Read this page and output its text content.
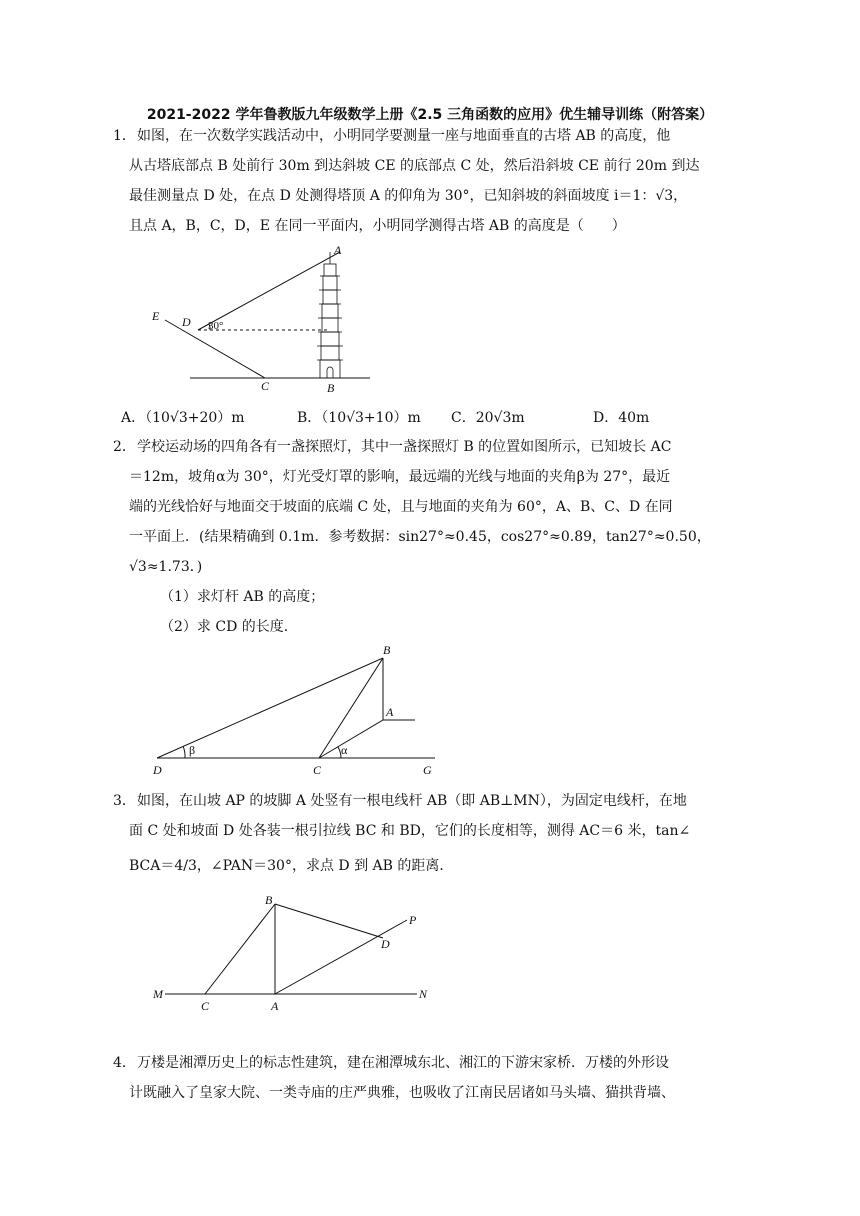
2021-2022 学年鲁教版九年级数学上册《2.5 三角函数的应用》优生辅导训练（附答案）
1． 如图，在一次数学实践活动中，小明同学要测量一座与地面垂直的古塔 AB 的高度，他
从古塔底部点 B 处前行 30m 到达斜坡 CE 的底部点 C 处，然后沿斜坡 CE 前行 20m 到达
最佳测量点 D 处，在点 D 处测得塔顶 A 的仰角为 30°，已知斜坡的斜面坡度 i＝1：√3，
且点 A，B，C，D，E 在同一平面内，小明同学测得古塔 AB 的高度是（　　）
A
E D 30°
C	B
A．（10√3+20）m	B．（10√3+10）m C．20√3m	D．40m
2． 学校运动场的四角各有一盏探照灯，其中一盏探照灯 B 的位置如图所示，已知坡长 AC
＝12m，坡角α为 30°，灯光受灯罩的影响，最远端的光线与地面的夹角β为 27°，最近
端的光线恰好与地面交于坡面的底端 C 处，且与地面的夹角为 60°，A、B、C、D 在同
一平面上．(结果精确到 0.1m．参考数据：sin27°≈0.45，cos27°≈0.89，tan27°≈0.50，
√3≈1.73．)
（1）求灯杆 AB 的高度；
（2）求 CD 的长度．
B
A
D	C	G
β	α
3． 如图，在山坡 AP 的坡脚 A 处竖有一根电线杆 AB（即 AB⊥MN），为固定电线杆，在地
面 C 处和坡面 D 处各装一根引拉线 BC 和 BD，它们的长度相等，测得 AC＝6 米，tan∠
BCA＝4/3，∠PAN＝30°，求点 D 到 AB 的距离．
B
P
D
M
C	A
N
4． 万楼是湘潭历史上的标志性建筑，建在湘潭城东北、湘江的下游宋家桥．万楼的外形设
计既融入了皇家大院、一类寺庙的庄严典雅，也吸收了江南民居诸如马头墙、猫拱背墙、
